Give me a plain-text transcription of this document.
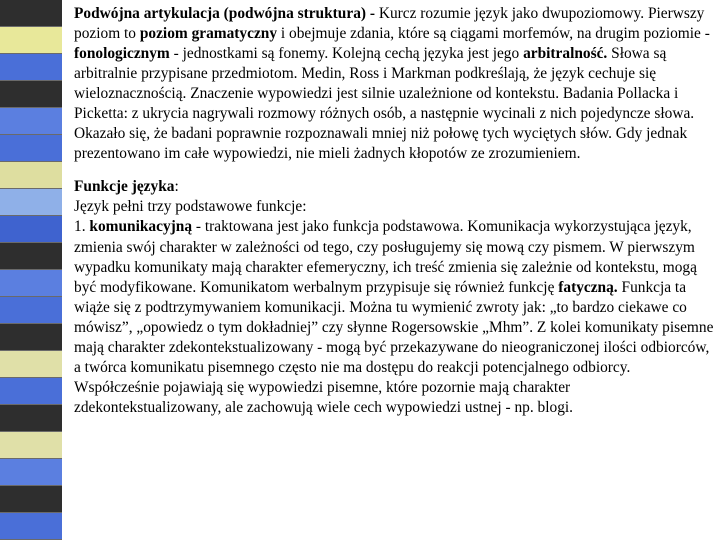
Podwójna artykulacja (podwójna struktura) - Kurcz rozumie język jako dwupoziomowy. Pierwszy poziom to poziom gramatyczny i obejmuje zdania, które są ciągami morfemów, na drugim poziomie - fonologicznym - jednostkami są fonemy. Kolejną cechą języka jest jego arbitralność. Słowa są arbitralnie przypisane przedmiotom. Medin, Ross i Markman podkreślają, że język cechuje się wieloznacznością. Znaczenie wypowiedzi jest silnie uzależnione od kontekstu. Badania Pollacka i Picketta: z ukrycia nagrywali rozmowy różnych osób, a następnie wycinali z nich pojedyncze słowa. Okazało się, że badani poprawnie rozpoznawali mniej niż połowę tych wyciętych słów. Gdy jednak prezentowano im całe wypowiedzi, nie mieli żadnych kłopotów ze zrozumieniem.

Funkcje języka:
Język pełni trzy podstawowe funkcje:
1. komunikacyjną - traktowana jest jako funkcja podstawowa. Komunikacja wykorzystująca język, zmienia swój charakter w zależności od tego, czy posługujemy się mową czy pismem. W pierwszym wypadku komunikaty mają charakter efemeryczny, ich treść zmienia się zależnie od kontekstu, mogą być modyfikowane. Komunikatom werbalnym przypisuje się również funkcję fatyczną. Funkcja ta wiąże się z podtrzymywaniem komunikacji. Można tu wymienić zwroty jak: „to bardzo ciekawe co mówisz”, „opowiedz o tym dokładniej” czy słynne Rogersowskie „Mhm”. Z kolei komunikaty pisemne mają charakter zdekontekstualizowany - mogą być przekazywane do nieograniczonej ilości odbiorców, a twórca komunikatu pisemnego często nie ma dostępu do reakcji potencjalnego odbiorcy. Współcześnie pojawiają się wypowiedzi pisemne, które pozornie mają charakter zdekontekstualizowany, ale zachowują wiele cech wypowiedzi ustnej - np. blogi.
